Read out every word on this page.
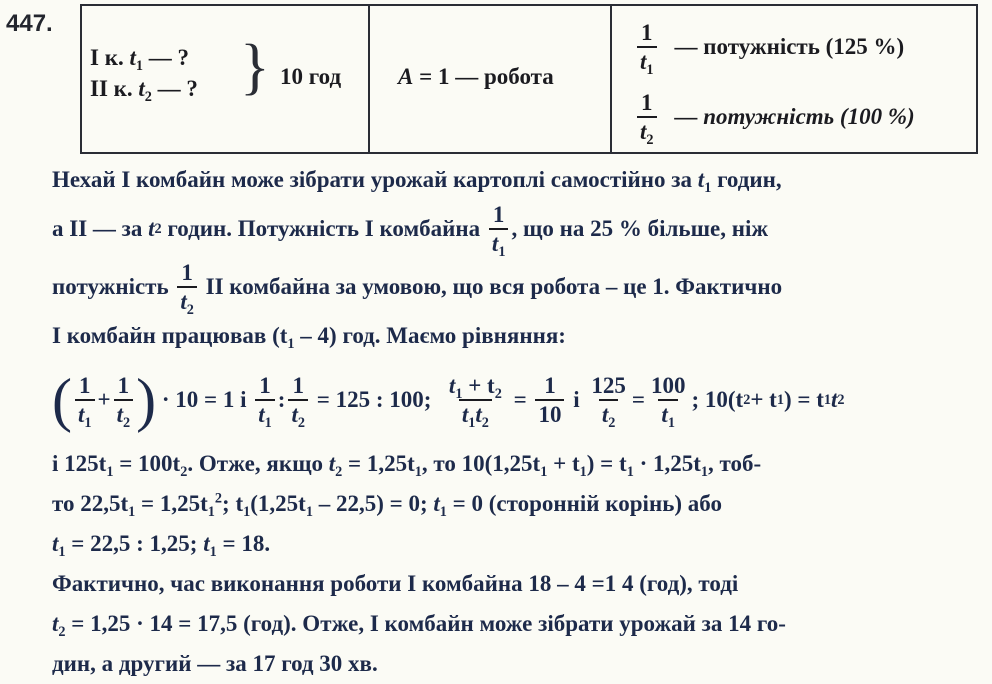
447.
І к. $t_1$ — ?
ІІ к. $t_2$ — ? } 10 год A = 1 — робота
$\frac{1}{t_1}$ — потужність (125 %)
$\frac{1}{t_2}$ — потужність (100 %)
Нехай І комбайн може зібрати урожай картоплі самостійно за $t_1$ годин,
а ІІ — за
t 2
годин. Потужність І комбайна
$\frac{1}{t_1}$ , що на 25 % більше, ніж
потужність
$\frac{1}{t_2}$
ІІ комбайна за умовою, що вся робота – це 1. Фактично
І комбайн працював $(t_1 - 4)$ год. Маємо рівняння:
( $\frac{1}{t_1} + \frac{1}{t_2}$ )
· 10 = 1 і
$\frac{1}{t_1}$ : $\frac{1}{t_2}$
= 125 : 100;
$\frac{t_1 + t_2}{t_1t_2}$
=
$\frac{1}{10}$
і
$\frac{125}{t_2} = \frac{100}{t_1}$ ;
10(t 2 + t 1 ) = t 1 t 2
і $125t_1 = 100t_2$. Отже, якщо $t_2 = 1,25t_1$, то $10(1,25t_1 + t_1) = t_1 \cdot 1,25t_1$, тоб-
то $22,5t_1 = 1,25t_1^2$; $t_1(1,25t_1 - 22,5) = 0$; $t_1 = 0$ (сторонній корінь) або
$t_1 = 22,5$ : 1,25; $t_1 = 18$.
Фактично, час виконання роботи І комбайна 18 – 4 =1 4 (год), тоді
$t_2 = 1,25 \cdot 14 = 17,5$ (год). Отже, І комбайн може зібрати урожай за 14 го-
дин, а другий — за 17 год 30 хв.
